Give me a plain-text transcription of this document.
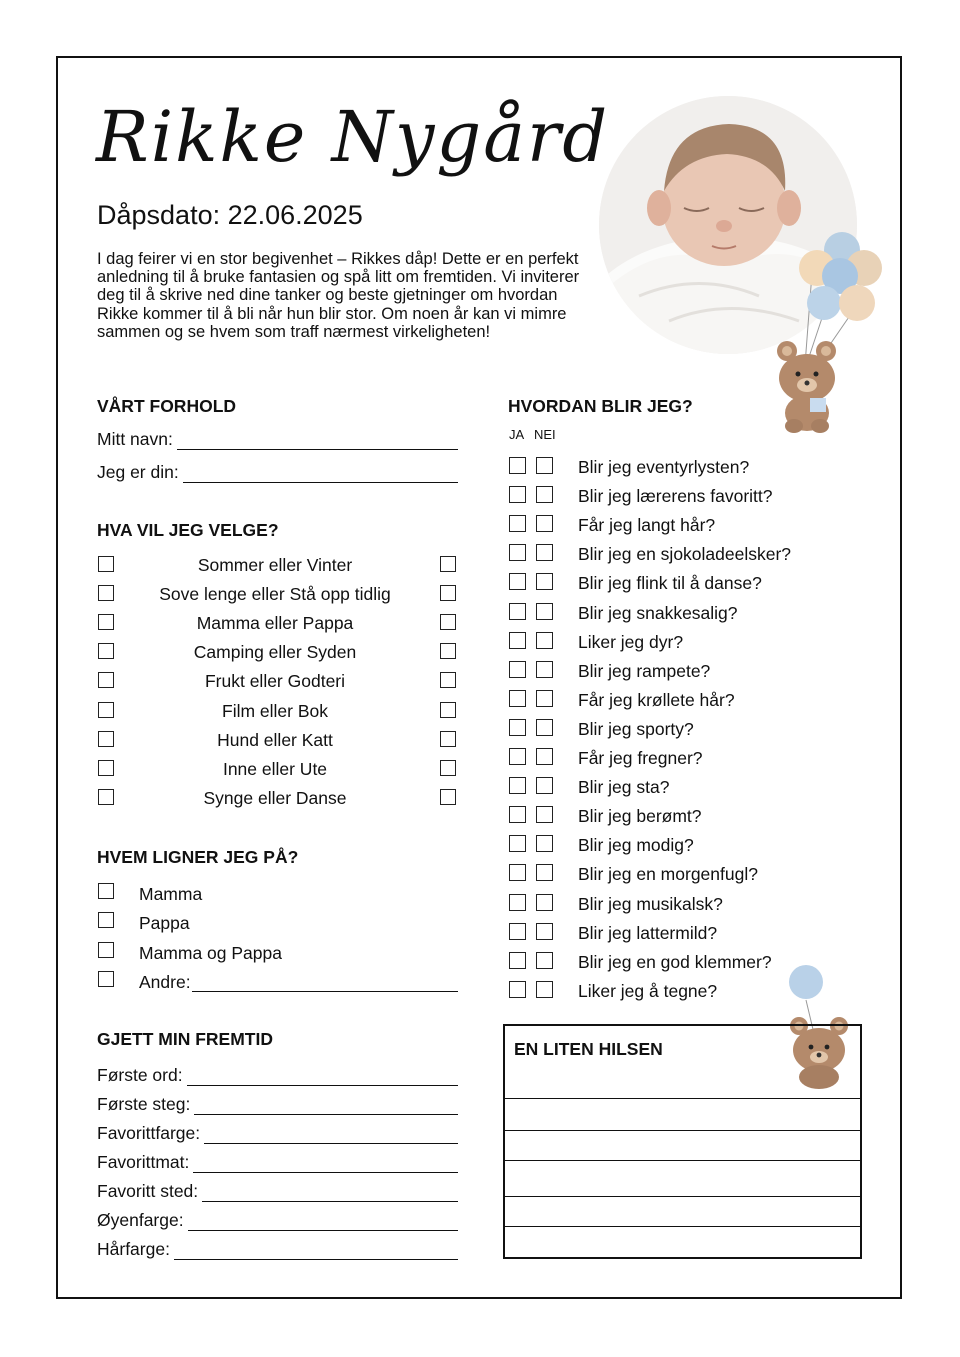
Rikke Nygård
Dåpsdato: 22.06.2025
I dag feirer vi en stor begivenhet – Rikkes dåp! Dette er en perfekt anledning til å bruke fantasien og spå litt om fremtiden. Vi inviterer deg til å skrive ned dine tanker og beste gjetninger om hvordan Rikke kommer til å bli når hun blir stor. Om noen år kan vi mimre sammen og se hvem som traff nærmest virkeligheten!
VÅRT FORHOLD
Mitt navn:
Jeg er din:
HVA VIL JEG VELGE?
Sommer eller Vinter
Sove lenge eller Stå opp tidlig
Mamma eller Pappa
Camping eller Syden
Frukt eller Godteri
Film eller Bok
Hund eller Katt
Inne eller Ute
Synge eller Danse
HVEM LIGNER JEG PÅ?
Mamma
Pappa
Mamma og Pappa
Andre:
GJETT MIN FREMTID
Første ord:
Første steg:
Favorittfarge:
Favorittmat:
Favoritt sted:
Øyenfarge:
Hårfarge:
HVORDAN BLIR JEG?
JA NEI
Blir jeg eventyrlysten?
Blir jeg lærerens favoritt?
Får jeg langt hår?
Blir jeg en sjokoladeelsker?
Blir jeg flink til å danse?
Blir jeg snakkesalig?
Liker jeg dyr?
Blir jeg rampete?
Får jeg krøllete hår?
Blir jeg sporty?
Får jeg fregner?
Blir jeg sta?
Blir jeg berømt?
Blir jeg modig?
Blir jeg en morgenfugl?
Blir jeg musikalsk?
Blir jeg lattermild?
Blir jeg en god klemmer?
Liker jeg å tegne?
EN LITEN HILSEN
